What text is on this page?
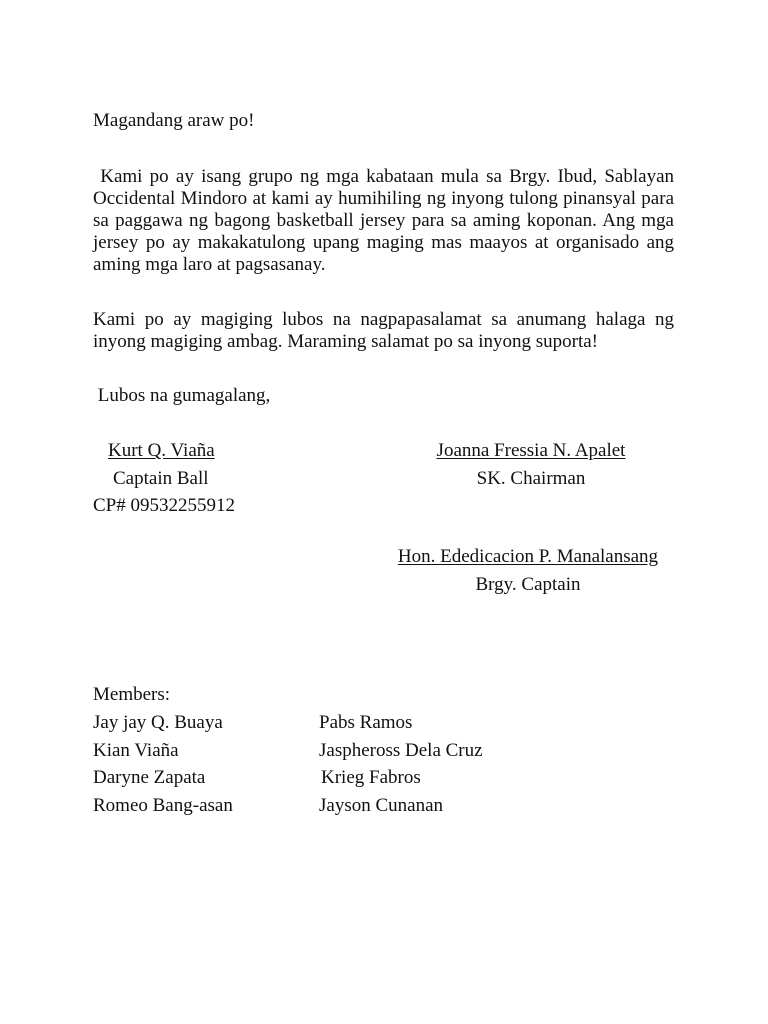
Magandang araw po!
Kami po ay isang grupo ng mga kabataan mula sa Brgy. Ibud, Sablayan Occidental Mindoro at kami ay humihiling ng inyong tulong pinansyal para sa paggawa ng bagong basketball jersey para sa aming koponan. Ang mga jersey po ay makakatulong upang maging mas maayos at organisado ang aming mga laro at pagsasanay.
Kami po ay magiging lubos na nagpapasalamat sa anumang halaga ng inyong magiging ambag. Maraming salamat po sa inyong suporta!
Lubos na gumagalang,
Kurt Q. Viaña
Captain Ball
CP# 09532255912
Joanna Fressia N. Apalet
SK. Chairman
Hon. Ededicacion P. Manalansang
Brgy. Captain
Members:
Jay jay Q. Buaya
Kian Viaña
Daryne Zapata
Romeo Bang-asan
Pabs Ramos
Jaspheross Dela Cruz
Krieg Fabros
Jayson Cunanan
